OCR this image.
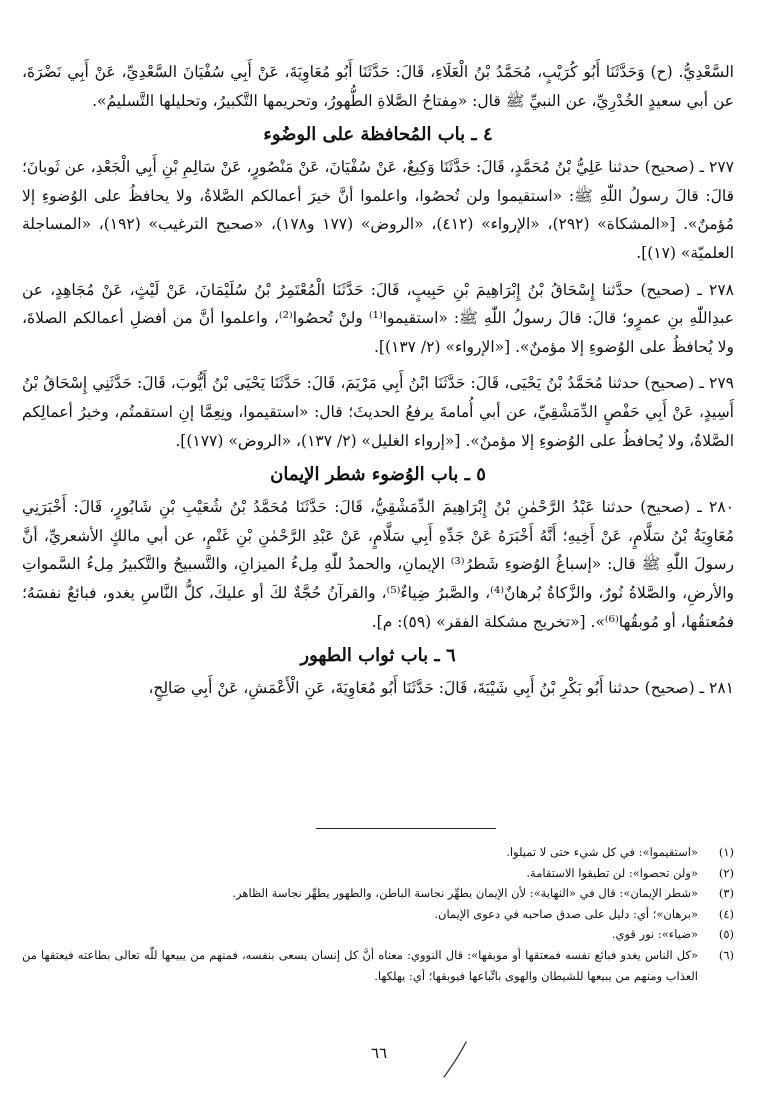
السَّعْدِيُّ. (ح) وَحَدَّثَنَا أَبُو كُرَيْبٍ، مُحَمَّدُ بْنُ الْعَلَاءِ، قَالَ: حَدَّثَنَا أَبُو مُعَاوِيَةَ، عَنْ أَبِي سُفْيَانَ السَّعْدِيِّ، عَنْ أَبِي نَضْرَةَ، عن أبي سعيدٍ الخُدْرِيِّ، عن النبيِّ ﷺ قال: «مِفتاحُ الصَّلاةِ الطُّهورُ، وتحريمها التَّكبيرُ، وتحليلها التَّسليمُ».

٤ ـ باب المُحافظة على الوضُوء

٢٧٧ ـ (صحيح) حدثنا عَلِيُّ بْنُ مُحَمَّدٍ، قَالَ: حَدَّثَنَا وَكِيعٌ، عَنْ سُفْيَانَ، عَنْ مَنْصُورٍ، عَنْ سَالِمِ بْنِ أَبِي الْجَعْدِ، عن ثَوبانَ؛ قالَ: قالَ رسولُ اللّٰهِ ﷺ: «استقيموا ولن تُحصُوا، واعلموا أنَّ خيرَ أعمالكم الصَّلاةُ، ولا يحافظُ على الوُضوءِ إلا مُؤمنٌ». [«المشكاة» (٢٩٢)، «الإرواء» (٤١٢)، «الروض» (١٧٧ و١٧٨)، «صحيح الترغيب» (١٩٢)، «المساجلة العلميّة» (١٧)].

٢٧٨ ـ (صحيح) حدَّثنا إِسْحَاقُ بْنُ إِبْرَاهِيمَ بْنِ حَبِيبٍ، قَالَ: حَدَّثَنَا الْمُعْتَمِرُ بْنُ سُلَيْمَانَ، عَنْ لَيْثٍ، عَنْ مُجَاهِدٍ، عن عبدِاللّٰهِ بنِ عمرٍو؛ قالَ: قالَ رسولُ اللّٰهِ ﷺ: «استقيموا⁽¹⁾ ولنْ تُحصُوا⁽²⁾، واعلموا أنَّ من أفضلِ أعمالكم الصلاةَ، ولا يُحافظُ على الوُضوءِ إلا مؤمنٌ». [«الإرواء» (٢/ ١٣٧)].

٢٧٩ ـ (صحيح) حدثنا مُحَمَّدُ بْنُ يَحْيَى، قَالَ: حَدَّثَنَا ابْنُ أَبِي مَرْيَمَ، قَالَ: حَدَّثَنَا يَحْيَى بْنُ أَيُّوبَ، قَالَ: حَدَّثَنِي إِسْحَاقُ بْنُ أَسِيدٍ، عَنْ أَبِي حَفْصٍ الدِّمَشْقِيِّ، عن أبي أُمامةَ يرفعُ الحديثَ؛ قال: «استقيموا، ونِعِمَّا إنِ استقمتُم، وخيرُ أعمالِكم الصَّلاةُ، ولا يُحافظُ على الوُضوءِ إلا مؤمنٌ». [«إرواء الغليل» (٢/ ١٣٧)، «الروض» (١٧٧)].

٥ ـ باب الوُضوء شطر الإيمان

٢٨٠ ـ (صحيح) حدثنا عَبْدُ الرَّحْمٰنِ بْنُ إِبْرَاهِيمَ الدِّمَشْقِيُّ، قَالَ: حَدَّثَنَا مُحَمَّدُ بْنُ شُعَيْبِ بْنِ شَابُورٍ، قَالَ: أَخْبَرَنِي مُعَاوِيَةُ بْنُ سَلَّامٍ، عَنْ أَخِيهِ؛ أَنَّهُ أَخْبَرَهُ عَنْ جَدِّهِ أَبِي سَلَّامٍ، عَنْ عَبْدِ الرَّحْمٰنِ بْنِ غَنْمٍ، عن أبي مالكٍ الأشعريِّ، أنَّ رسولَ اللّٰهِ ﷺ قال: «إسباغُ الوُضوءِ شَطرُ⁽³⁾ الإيمانِ، والحمدُ للّٰهِ مِلءُ الميزانِ، والتَّسبيحُ والتَّكبيرُ مِلءُ السَّمواتِ والأرضِ، والصَّلاةُ نُورٌ، والزَّكاةُ بُرهانٌ⁽⁴⁾، والصَّبرُ ضِياءٌ⁽⁵⁾، والقرآنُ حُجَّةٌ لكَ أو عليكَ، كلُّ النَّاسِ يغدو، فبائعٌ نفسَهُ؛ فمُعتقُها، أو مُوبقُها⁽⁶⁾». [«تخريج مشكلة الفقر» (٥٩): م].

٦ ـ باب ثواب الطهور

٢٨١ ـ (صحيح) حدثنا أَبُو بَكْرِ بْنُ أَبِي شَيْبَةَ، قَالَ: حَدَّثَنَا أَبُو مُعَاوِيَةَ، عَنِ الْأَعْمَشِ، عَنْ أَبِي صَالِحٍ،

(١)
«استقيموا»: في كل شيء حتى لا تميلوا.
(٢)
«ولن تحصوا»: لن تطيقوا الاستقامة.
(٣)
«شطر الإيمان»: قال في «النهاية»: لأن الإيمان يطهِّر نجاسة الباطن، والطهور يطهِّر نجاسة الظاهر.
(٤)
«برهان»؛ أي: دليل على صدق صاحبه في دعوى الإيمان.
(٥)
«ضياء»: نور قوي.
(٦)
«كل الناس يغدو فبائع نفسه فمعتقها أو موبقها»: قال النووي: معناه أنَّ كل إنسان يسعى بنفسه، فمنهم من يبيعها للّٰه تعالى بطاعته فيعتقها من العذاب ومنهم من يبيعها للشيطان والهوى باتِّباعها فيوبقها؛ أي: يهلكها.
٦٦
